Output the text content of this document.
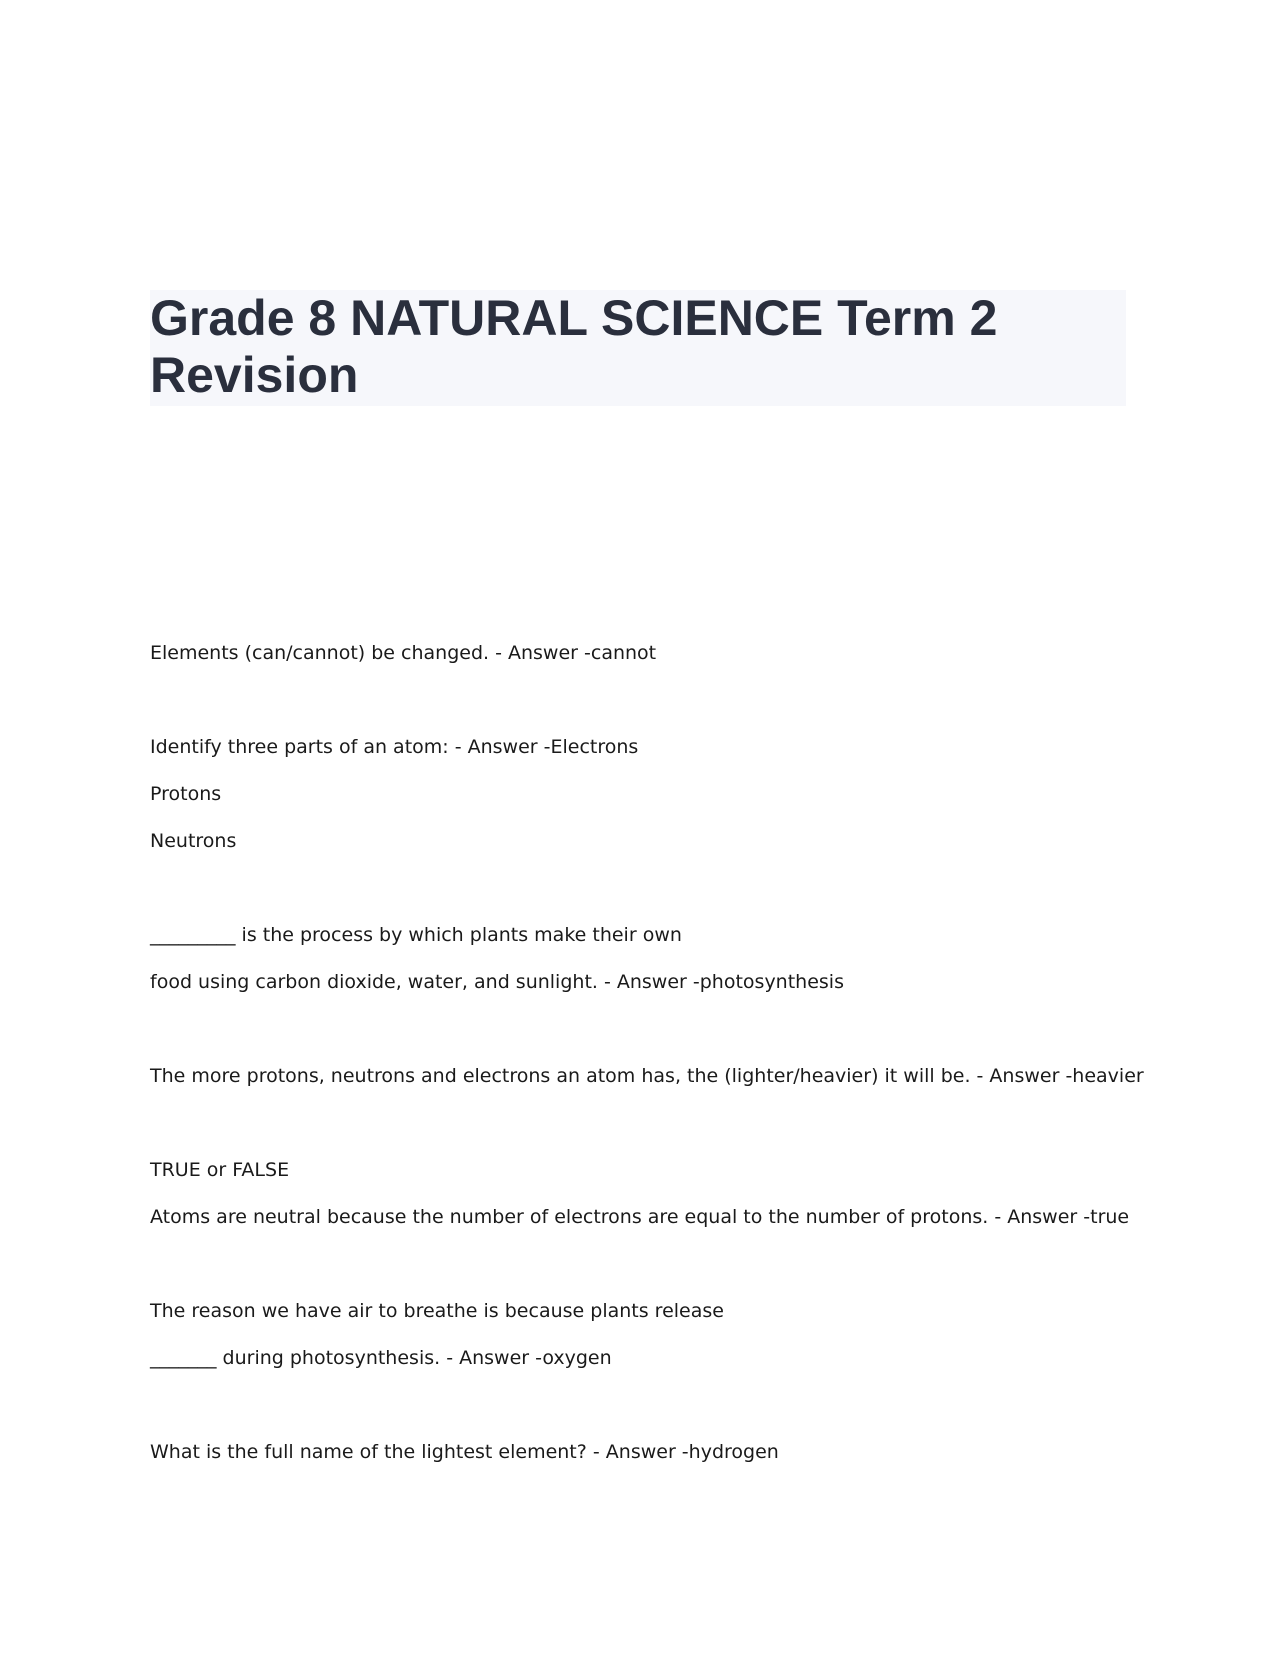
Grade 8 NATURAL SCIENCE Term 2 Revision
Elements (can/cannot) be changed. - Answer -cannot
Identify three parts of an atom: - Answer -Electrons
Protons
Neutrons
_________ is the process by which plants make their own
food using carbon dioxide, water, and sunlight. - Answer -photosynthesis
The more protons, neutrons and electrons an atom has, the (lighter/heavier) it will be. - Answer -heavier
TRUE or FALSE
Atoms are neutral because the number of electrons are equal to the number of protons. - Answer -true
The reason we have air to breathe is because plants release
_______ during photosynthesis. - Answer -oxygen
What is the full name of the lightest element? - Answer -hydrogen
